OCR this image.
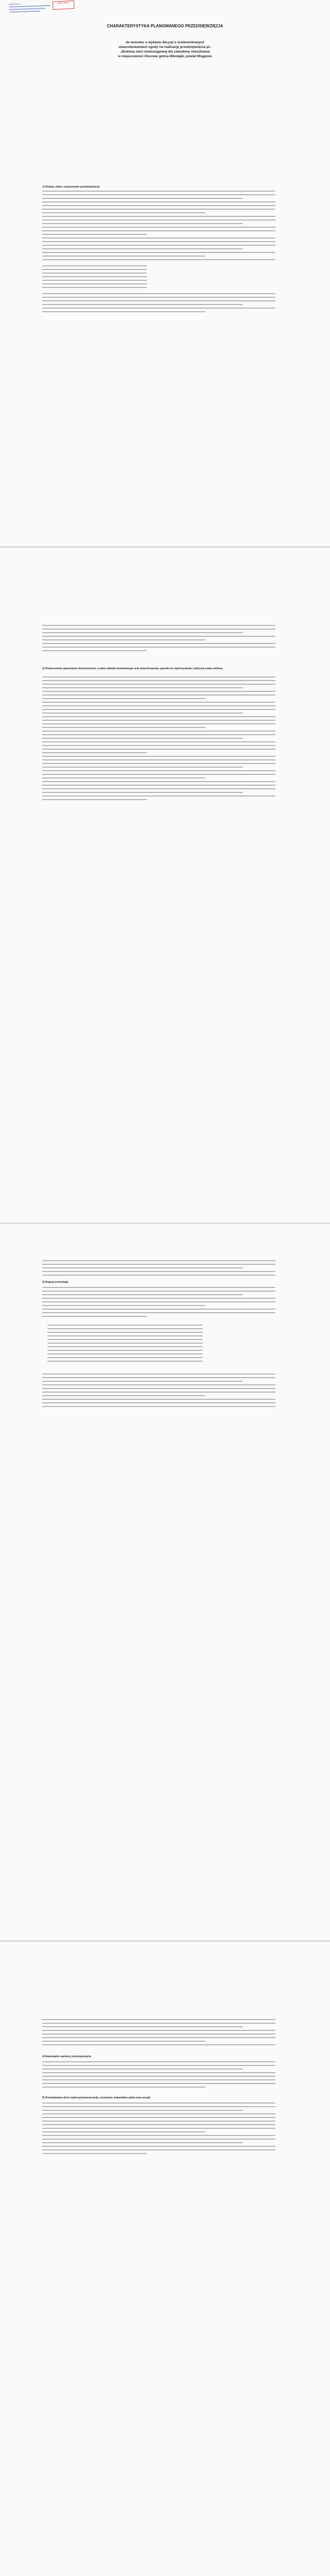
Wójt Gminy	WPŁYNĘŁO
CHARAKTERYSTYKA PLANOWANEGO PRZEDSIĘWZIĘCIA
do wniosku o wydanie decyzji o środowiskowych
uwarunkowaniach zgody na realizację przedsięwzięcia pt.:
„Budowa sieci wodociągowej dla zabudowy mieszkalnej
w miejscowości Olszowe gmina Mikołajki, powiat Mrągowo
1) Rodzaj, skala i usytuowanie przedsięwzięcia
2) Powierzchnia zajmowanej nieruchomości, a także obiektu budowlanego oraz dotychczasowy sposób ich wykorzystania i pokrycia szatą roślinną
3) Rodzaj technologii
4) Ewentualne warianty przedsięwzięcia
5) Przewidywana ilość wykorzystywanej wody, surowców, materiałów, paliw oraz energii
